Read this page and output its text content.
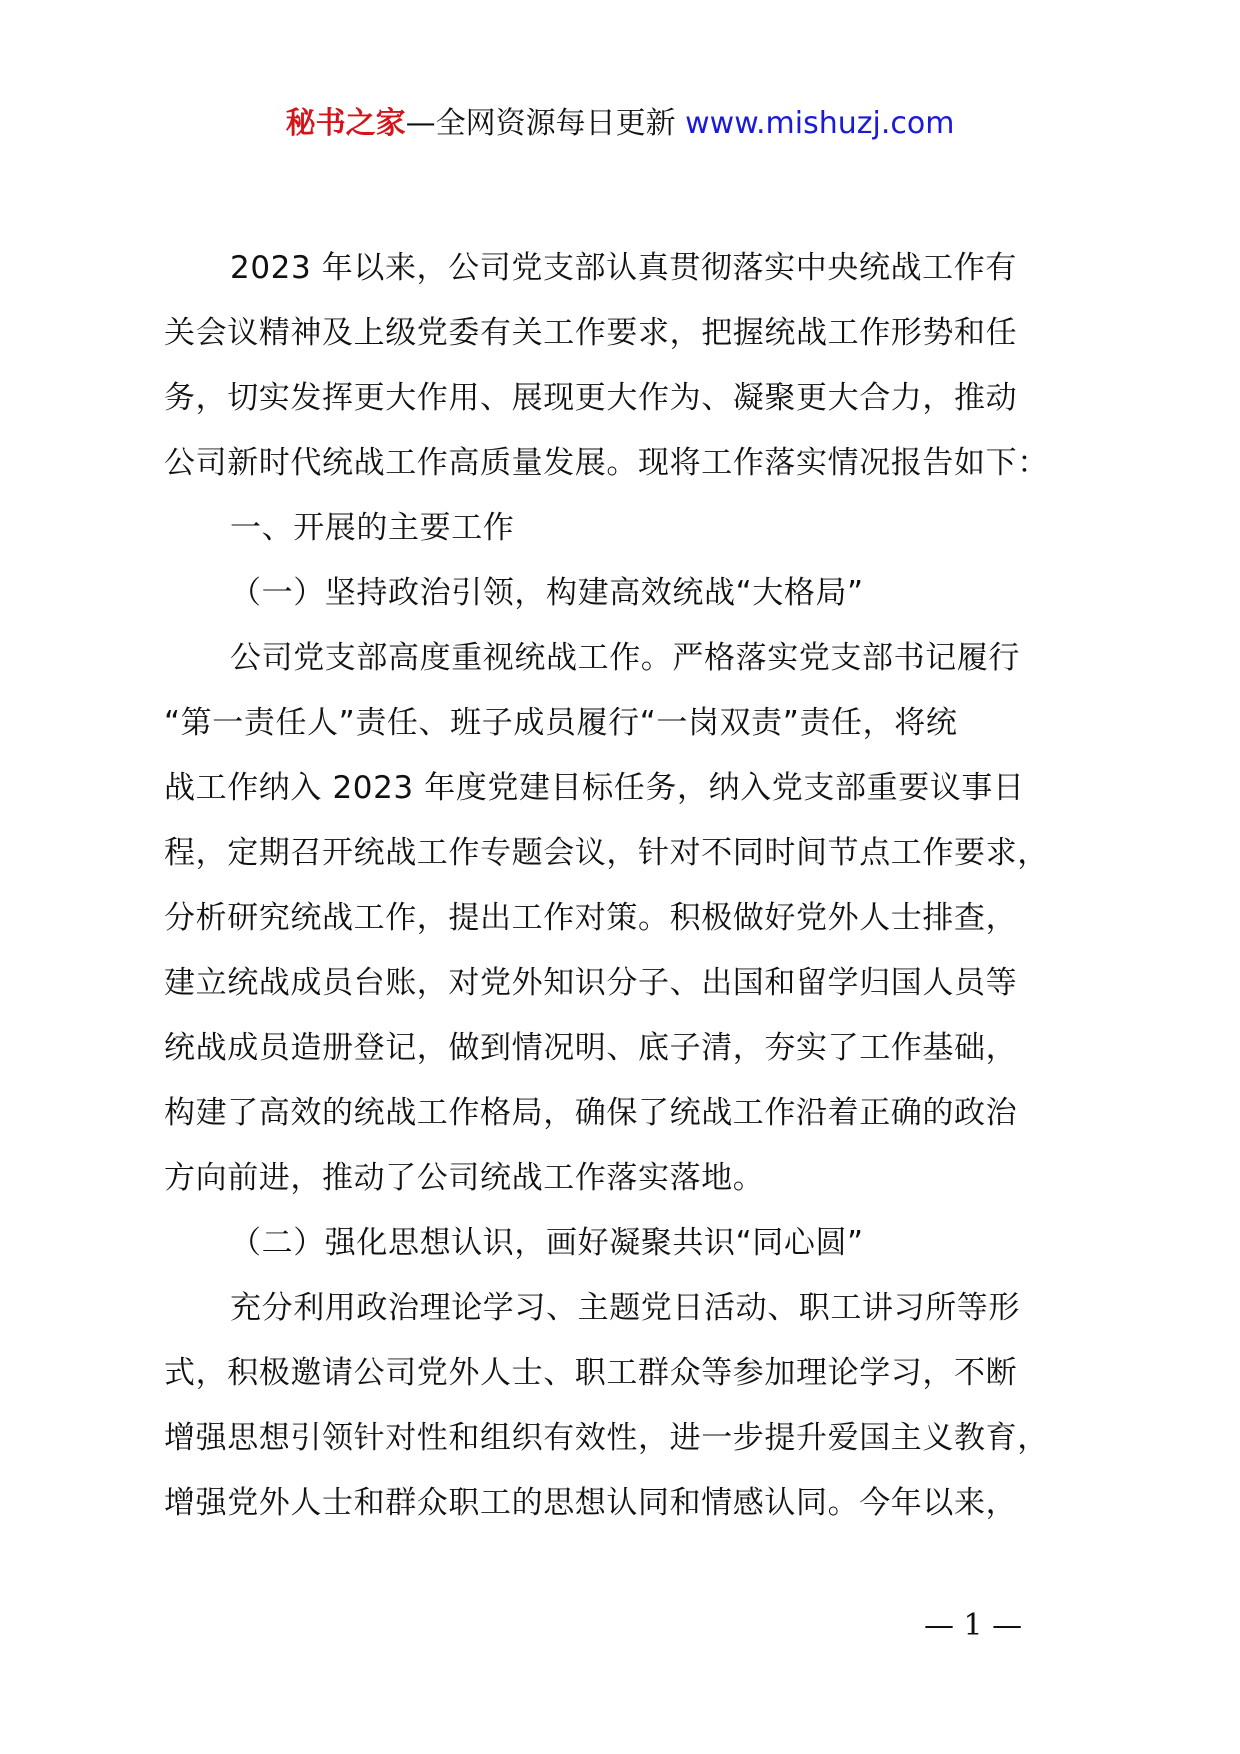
秘书之家—全网资源每日更新 www.mishuzj.com
2023 年以来，公司党支部认真贯彻落实中央统战工作有
关会议精神及上级党委有关工作要求，把握统战工作形势和任
务，切实发挥更大作用、展现更大作为、凝聚更大合力，推动
公司新时代统战工作高质量发展。现将工作落实情况报告如下：
一、开展的主要工作
（一）坚持政治引领，构建高效统战“大格局”
公司党支部高度重视统战工作。严格落实党支部书记履行
“第一责任人”责任、班子成员履行“一岗双责”责任，将统
战工作纳入 2023 年度党建目标任务，纳入党支部重要议事日
程，定期召开统战工作专题会议，针对不同时间节点工作要求，
分析研究统战工作，提出工作对策。积极做好党外人士排查，
建立统战成员台账，对党外知识分子、出国和留学归国人员等
统战成员造册登记，做到情况明、底子清，夯实了工作基础，
构建了高效的统战工作格局，确保了统战工作沿着正确的政治
方向前进，推动了公司统战工作落实落地。
（二）强化思想认识，画好凝聚共识“同心圆”
充分利用政治理论学习、主题党日活动、职工讲习所等形
式，积极邀请公司党外人士、职工群众等参加理论学习，不断
增强思想引领针对性和组织有效性，进一步提升爱国主义教育，
增强党外人士和群众职工的思想认同和情感认同。今年以来，
— 1 —
